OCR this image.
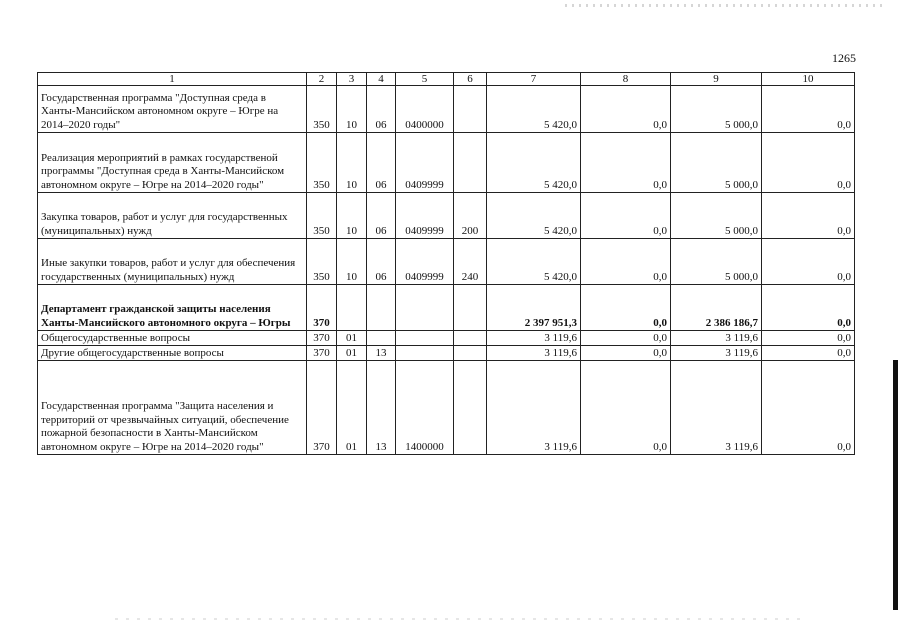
1265
1	2	3	4	5	6	7	8	9	10
Государственная программа "Доступная среда в Ханты-Мансийском автономном округе – Югре на 2014–2020 годы"	350	10	06	0400000		5 420,0	0,0	5 000,0	0,0
Реализация мероприятий в рамках государственой программы "Доступная среда в Ханты-Мансийском автономном округе – Югре на 2014–2020 годы"	350	10	06	0409999		5 420,0	0,0	5 000,0	0,0
Закупка товаров, работ и услуг для государственных (муниципальных) нужд	350	10	06	0409999	200	5 420,0	0,0	5 000,0	0,0
Иные закупки товаров, работ и услуг для обеспечения государственных (муниципальных) нужд	350	10	06	0409999	240	5 420,0	0,0	5 000,0	0,0
Департамент гражданской защиты населения Ханты-Мансийского автономного округа – Югры	370					2 397 951,3	0,0	2 386 186,7	0,0
Общегосударственные вопросы	370	01				3 119,6	0,0	3 119,6	0,0
Другие общегосударственные вопросы	370	01	13			3 119,6	0,0	3 119,6	0,0
Государственная программа "Защита населения и территорий от чрезвычайных ситуаций, обеспечение пожарной безопасности в Ханты-Мансийском автономном округе – Югре на 2014–2020 годы"	370	01	13	1400000		3 119,6	0,0	3 119,6	0,0
